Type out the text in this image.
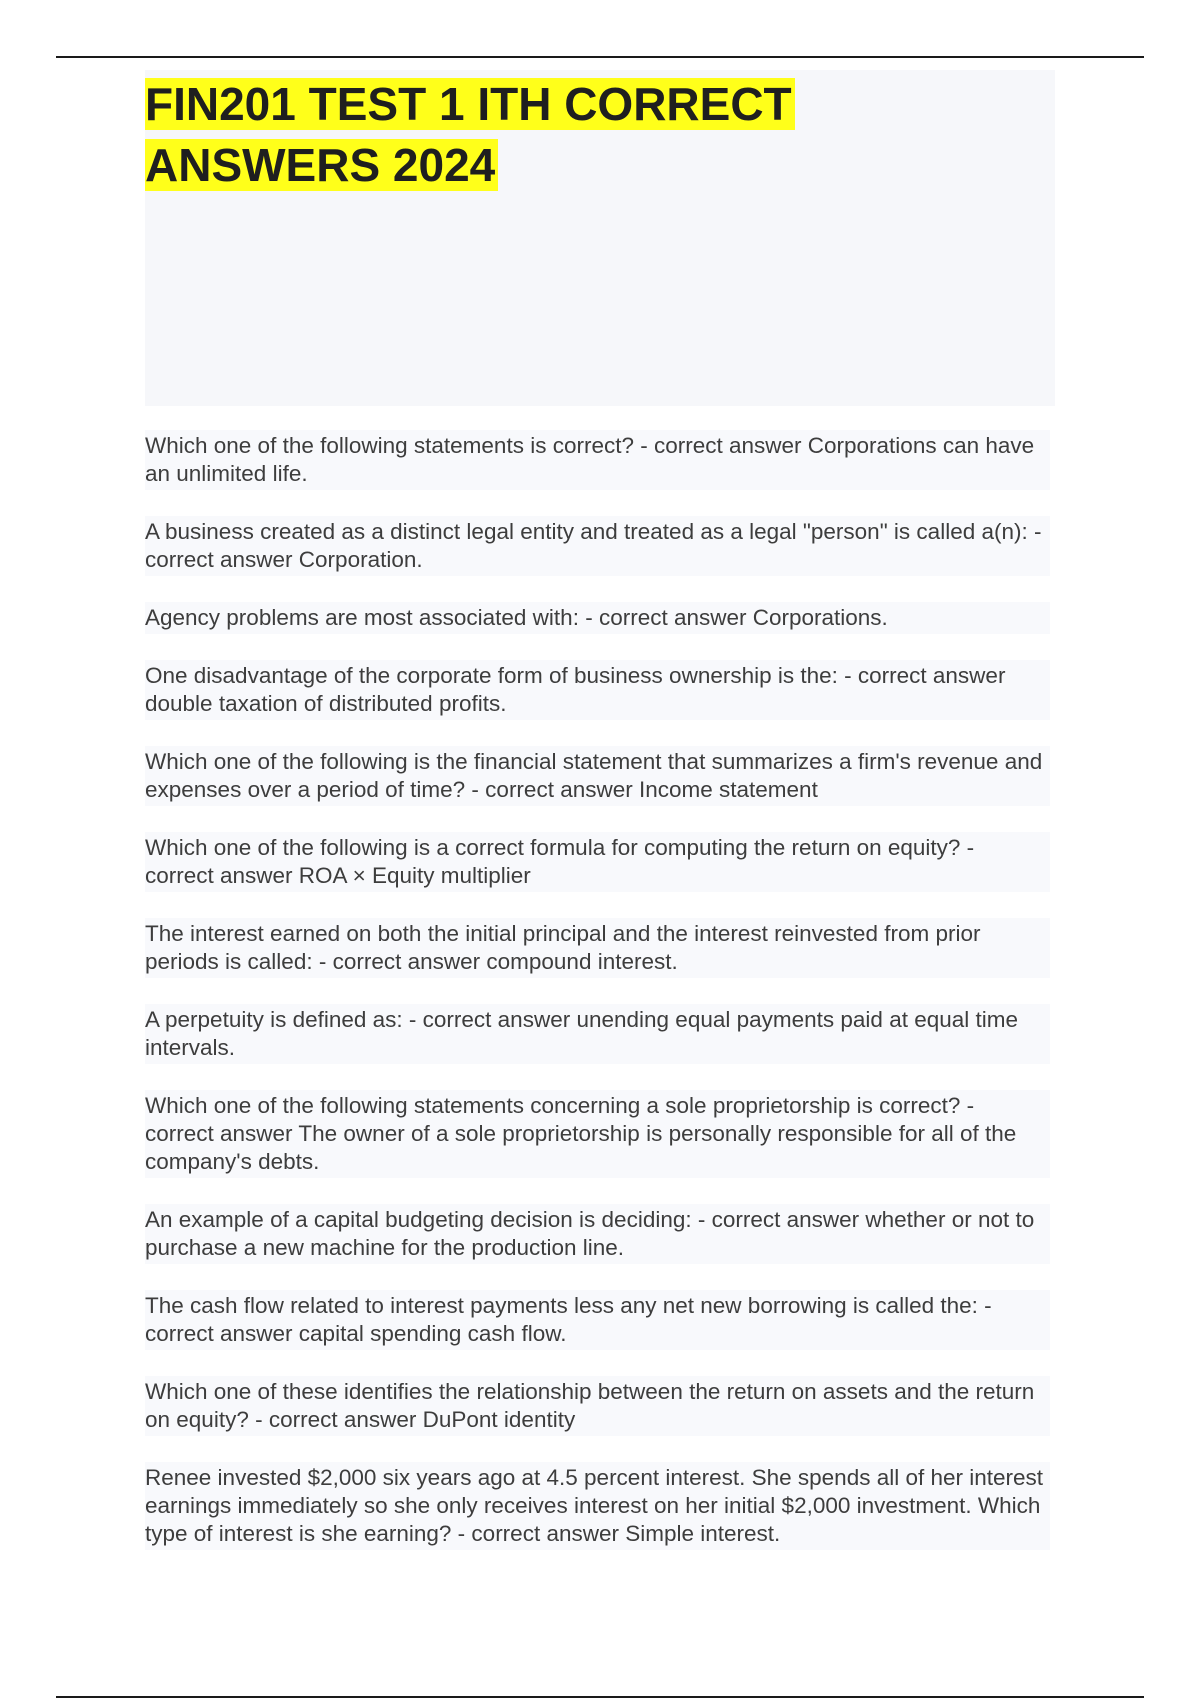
FIN201 TEST 1 ITH CORRECT ANSWERS 2024
Which one of the following statements is correct? - correct answer Corporations can have an unlimited life.
A business created as a distinct legal entity and treated as a legal "person" is called a(n): - correct answer Corporation.
Agency problems are most associated with: - correct answer Corporations.
One disadvantage of the corporate form of business ownership is the: - correct answer double taxation of distributed profits.
Which one of the following is the financial statement that summarizes a firm's revenue and expenses over a period of time? - correct answer Income statement
Which one of the following is a correct formula for computing the return on equity? - correct answer ROA × Equity multiplier
The interest earned on both the initial principal and the interest reinvested from prior periods is called: - correct answer compound interest.
A perpetuity is defined as: - correct answer unending equal payments paid at equal time intervals.
Which one of the following statements concerning a sole proprietorship is correct? - correct answer The owner of a sole proprietorship is personally responsible for all of the company's debts.
An example of a capital budgeting decision is deciding: - correct answer whether or not to purchase a new machine for the production line.
The cash flow related to interest payments less any net new borrowing is called the: - correct answer capital spending cash flow.
Which one of these identifies the relationship between the return on assets and the return on equity? - correct answer DuPont identity
Renee invested $2,000 six years ago at 4.5 percent interest. She spends all of her interest earnings immediately so she only receives interest on her initial $2,000 investment. Which type of interest is she earning? - correct answer Simple interest.
